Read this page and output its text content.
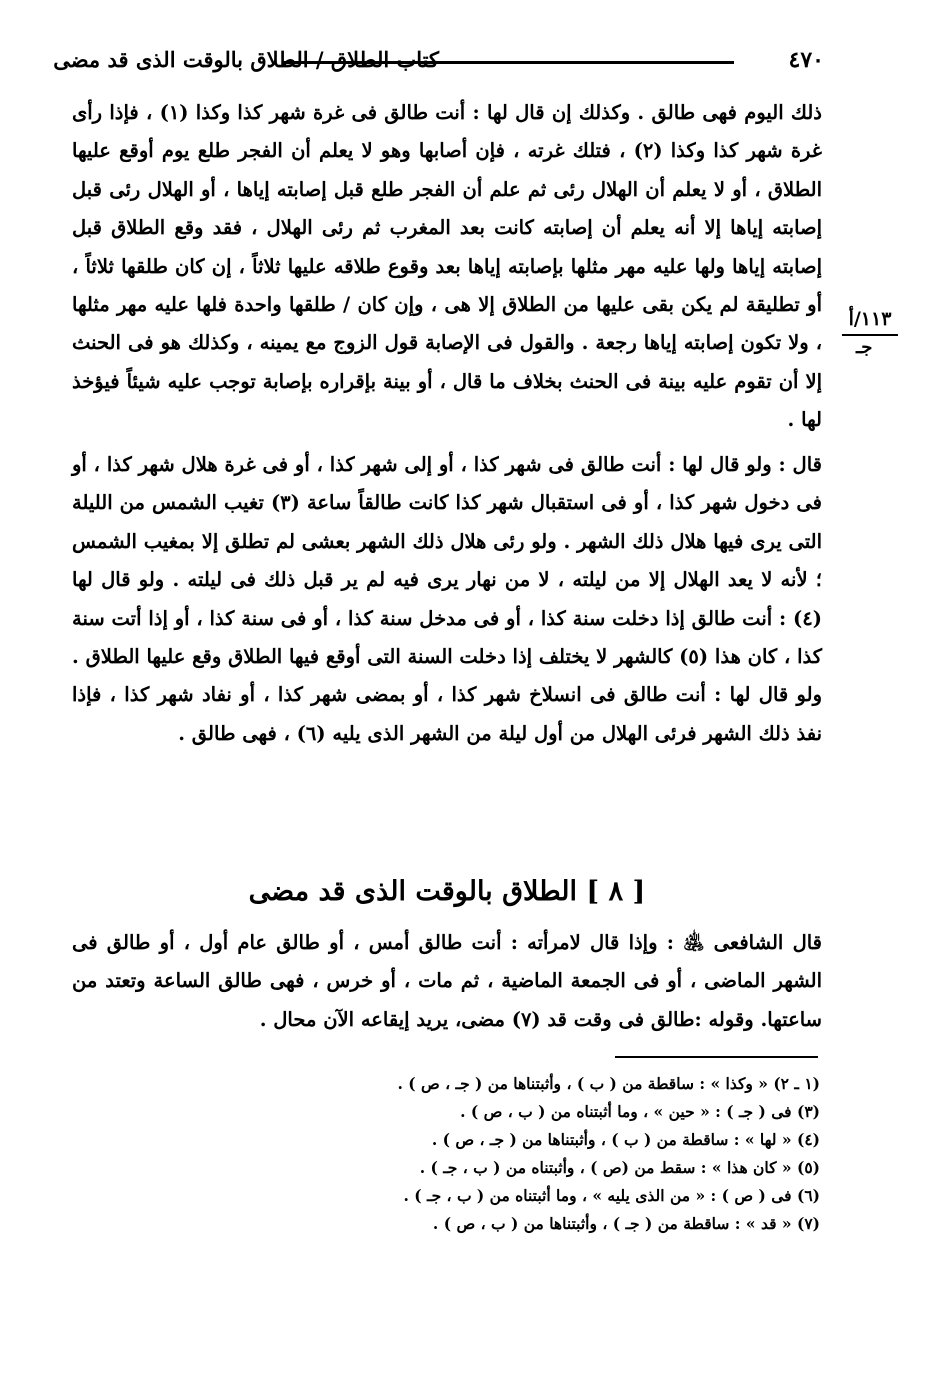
كتاب الطلاق / الطلاق بالوقت الذى قد مضى	٤٧٠
١١٣/أ
جـ

ذلك اليوم فهى طالق . وكذلك إن قال لها : أنت طالق فى غرة شهر كذا وكذا (١) ، فإذا رأى غرة شهر كذا وكذا (٢) ، فتلك غرته ، فإن أصابها وهو لا يعلم أن الفجر طلع يوم أوقع عليها الطلاق ، أو لا يعلم أن الهلال رئى ثم علم أن الفجر طلع قبل إصابته إياها ، أو الهلال رئى قبل إصابته إياها إلا أنه يعلم أن إصابته كانت بعد المغرب ثم رئى الهلال ، فقد وقع الطلاق قبل إصابته إياها ولها عليه مهر مثلها بإصابته إياها بعد وقوع طلاقه عليها ثلاثاً ، إن كان طلقها ثلاثاً ، أو تطليقة لم يكن بقى عليها من الطلاق إلا هى ، وإن كان / طلقها واحدة فلها عليه مهر مثلها ، ولا تكون إصابته إياها رجعة . والقول فى الإصابة قول الزوج مع يمينه ، وكذلك هو فى الحنث إلا أن تقوم عليه بينة فى الحنث بخلاف ما قال ، أو بينة بإقراره بإصابة توجب عليه شيئاً فيؤخذ لها .

قال : ولو قال لها : أنت طالق فى شهر كذا ، أو إلى شهر كذا ، أو فى غرة هلال شهر كذا ، أو فى دخول شهر كذا ، أو فى استقبال شهر كذا كانت طالقاً ساعة (٣) تغيب الشمس من الليلة التى يرى فيها هلال ذلك الشهر . ولو رئى هلال ذلك الشهر بعشى لم تطلق إلا بمغيب الشمس ؛ لأنه لا يعد الهلال إلا من ليلته ، لا من نهار يرى فيه لم ير قبل ذلك فى ليلته . ولو قال لها (٤) : أنت طالق إذا دخلت سنة كذا ، أو فى مدخل سنة كذا ، أو فى سنة كذا ، أو إذا أتت سنة كذا ، كان هذا (٥) كالشهر لا يختلف إذا دخلت السنة التى أوقع فيها الطلاق وقع عليها الطلاق . ولو قال لها : أنت طالق فى انسلاخ شهر كذا ، أو بمضى شهر كذا ، أو نفاد شهر كذا ، فإذا نفذ ذلك الشهر فرئى الهلال من أول ليلة من الشهر الذى يليه (٦) ، فهى طالق .

[ ٨ ] الطلاق بالوقت الذى قد مضى

قال الشافعى ﵁ : وإذا قال لامرأته : أنت طالق أمس ، أو طالق عام أول ، أو طالق فى الشهر الماضى ، أو فى الجمعة الماضية ، ثم مات ، أو خرس ، فهى طالق الساعة وتعتد من ساعتها. وقوله :طالق فى وقت قد (٧) مضى، يريد إيقاعه الآن محال .

(١ ـ ٢) « وكذا » : ساقطة من ( ب ) ، وأثبتناها من ( جـ ، ص ) .
(٣) فى ( جـ ) : « حين » ، وما أثبتناه من ( ب ، ص ) .
(٤) « لها » : ساقطة من ( ب ) ، وأثبتناها من ( جـ ، ص ) .
(٥) « كان هذا » : سقط من (ص ) ، وأثبتناه من ( ب ، جـ ) .
(٦) فى ( ص ) : « من الذى يليه » ، وما أثبتناه من ( ب ، جـ ) .
(٧) « قد » : ساقطة من ( جـ ) ، وأثبتناها من ( ب ، ص ) .
